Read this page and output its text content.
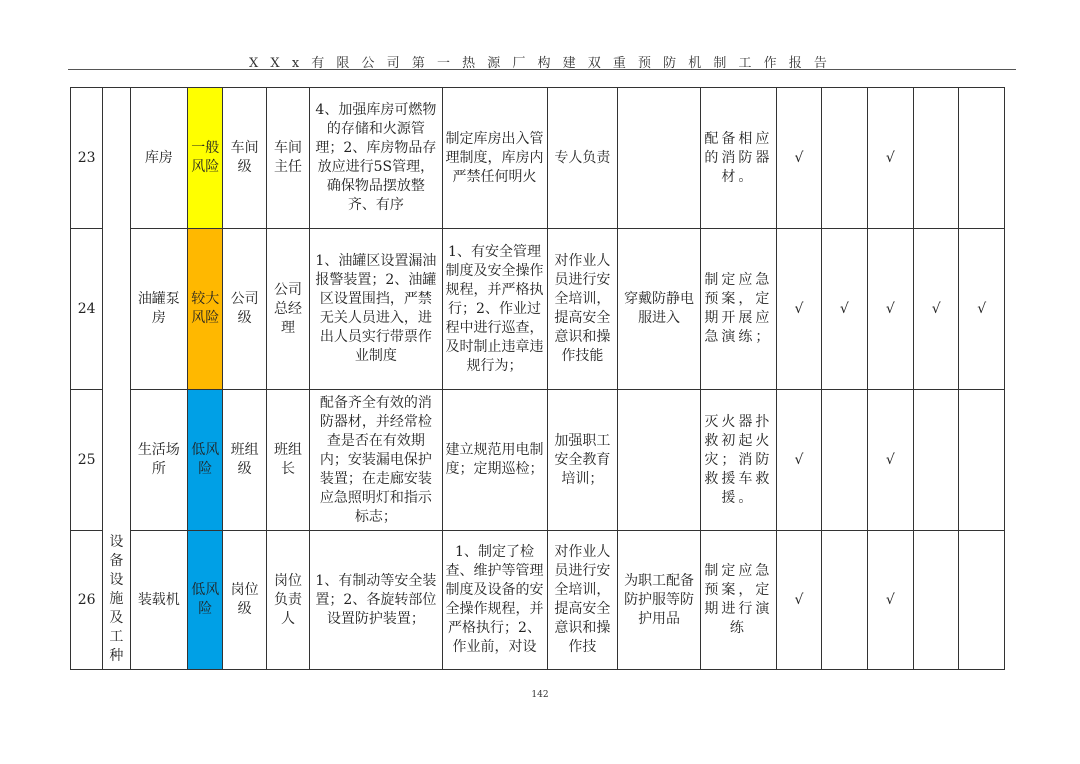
X X x 有 限 公 司 第 一 热 源 厂 构 建 双 重 预 防 机 制 工 作 报 告
23		库房	一般风险	车间级	车间主任	4、加强库房可燃物的存储和火源管理；2、库房物品存放应进行5S管理，确保物品摆放整齐、有序	制定库房出入管理制度，库房内严禁任何明火	专人负责		配备相应的消防器材。	√		√		
24		油罐泵房	较大风险	公司级	公司总经理	1、油罐区设置漏油报警装置；2、油罐区设置围挡，严禁无关人员进入，进出人员实行带票作业制度	1、有安全管理制度及安全操作规程，并严格执行；2、作业过程中进行巡查，及时制止违章违规行为；	对作业人员进行安全培训，提高安全意识和操作技能	穿戴防静电服进入	制定应急预案，定期开展应急演练；	√	√	√	√	√
25		生活场所	低风险	班组级	班组长	配备齐全有效的消防器材，并经常检查是否在有效期内；安装漏电保护装置；在走廊安装应急照明灯和指示标志；	建立规范用电制度；定期巡检；	加强职工安全教育培训；		灭火器扑救初起火灾；消防救援车救援。	√		√		
26	设备设施及工种	装载机	低风险	岗位级	岗位负责人	1、有制动等安全装置；2、各旋转部位设置防护装置；	1、制定了检查、维护等管理制度及设备的安全操作规程，并严格执行；2、作业前，对设	对作业人员进行安全培训，提高安全意识和操作技	为职工配备防护服等防护用品	制定应急预案，定期进行演练	√		√		
142
